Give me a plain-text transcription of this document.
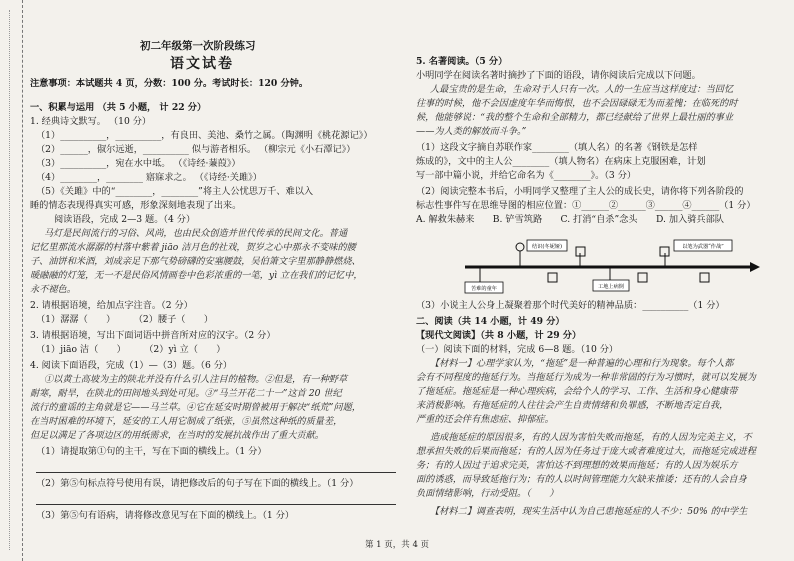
初二年级第一次阶段练习
语文试卷
注意事项：本试题共 4 页，分数：100 分。考试时长：120 分钟。
一、积累与运用 （共 5 小题， 计 22 分）
1. 经典诗文默写。 （10 分）
（1）__________，__________，有良田、美池、桑竹之属。（陶渊明《桃花源记》）
（2）______，俶尔远逝，__________ 似与游者相乐。 （柳宗元《小石潭记》）
（3）__________，宛在水中坻。 （《诗经·蒹葭》）
（4）________，________ 寤寐求之。 （《诗经·关雎》）
（5）《关雎》中的“________，________”将主人公忧思万千、难以入
睡的情态表现得真实可感，形象深刻地表现了出来。
阅读语段，完成 2—3 题。（4 分）
马灯是民间流行的习俗、风尚，也由民众创造并世代传承的民间文化。普通
记忆里那流水潺潺的村落中紫着 jiāo 洁月色的社戏，贺岁之心中那永不变味的腰
子、油饼和米酒，刘成亲足下那气势磅礴的安塞腰鼓，吴伯箫文字里那静静燃烧、
暖融融的灯笼，无一不是民俗风情画卷中色彩浓重的一笔，yì 立在我们的记忆中，
永不褪色。
2. 请根据语境，给加点字注音。（2 分）
（1）潺潺（　　）　　　（2）腰子（　　）
3. 请根据语境，写出下面词语中拼音所对应的汉字。（2 分）
（1）jiāo 洁（　　）　　　（2）yì 立（　　）
4. 阅读下面语段，完成（1）—（3）题。（6 分）
①以黄土高坡为主的陕北并没有什么引人注目的植物。②但是，有一种野草
耐寒，耐旱，在陕北的田间地头到处可见。③“马兰开花二十一”这首 20 世纪
流行的童谣的主角就是它——马兰草。④它在延安时期曾被用于解决“纸荒”问题，
在当时困难的环境下，延安的工人用它制成了纸张，⑤虽然这种纸的质量差，
但足以满足了各项边区的用纸需求，在当时的发展抗战作出了重大贡献。
（1）请提取第①句的主干，写在下面的横线上。（1 分）
（2）第⑤句标点符号使用有误，请把修改后的句子写在下面的横线上。（1 分）
（3）第⑤句有语病，请将修改意见写在下面的横线上。（1 分）
5. 名著阅读。（5 分）
小明同学在阅读名著时摘抄了下面的语段，请你阅读后完成以下问题。
人最宝贵的是生命，生命对于人只有一次。人的一生应当这样度过：当回忆
往事的时候，他不会因虚度年华而悔恨，也不会因碌碌无为而羞愧；在临死的时
候，他能够说：“我的整个生命和全部精力，都已经献给了世界上最壮丽的事业
——为人类的解放而斗争。”
（1）这段文字摘自苏联作家________（填人名）的名著《钢铁是怎样
炼成的》，文中的主人公________（填人物名）在病床上克服困难，计划
写一部中篇小说，并给它命名为《________》。（3 分）
（2）阅读完整本书后，小明同学又整理了主人公的成长史，请你将下列各阶段的
标志性事件写在思维导图的相应位置：①______②______③______④______（1 分）
A. 解救朱赫来　　B. 铲雪筑路　　C. 打消“自杀”念头　　D. 加入骑兵部队
苦难的童年
结识(冬妮娅)
工地上病倒
以笔为武器“作战”
（3）小说主人公身上凝聚着那个时代美好的精神品质：__________（1 分）
二、阅读（共 14 小题，计 49 分）
【现代文阅读】（共 8 小题，计 29 分）
（一）阅读下面的材料，完成 6—8 题。（10 分）
【材料一】心理学家认为，“拖延”是一种普遍的心理和行为现象。每个人都
会有不同程度的拖延行为。当拖延行为成为一种非常固的行为习惯时，就可以发展为
了拖延症。拖延症是一种心理疾病，会给个人的学习、工作、生活和身心健康带
来消极影响。有拖延症的人往往会产生自责情绪和负罪感，不断地否定自我，
严重的还会伴有焦虑症、抑郁症。
造成拖延症的原因很多，有的人因为害怕失败而拖延，有的人因为完美主义，不
想承担失败的后果而拖延；有的人因为任务过于庞大或者难度过大，而拖延完成进程
务；有的人因过于追求完美，害怕达不到理想的效果而拖延；有的人因为娱乐方
面的诱惑，而导致延拖行为；有的人以时间管理能力欠缺来推诿；还有的人会自身
负面情绪影响，行动受阻。（　　）
【材料二】调查表明，现实生活中认为自己患拖延症的人不少：50% 的中学生
第 1 页，共 4 页
